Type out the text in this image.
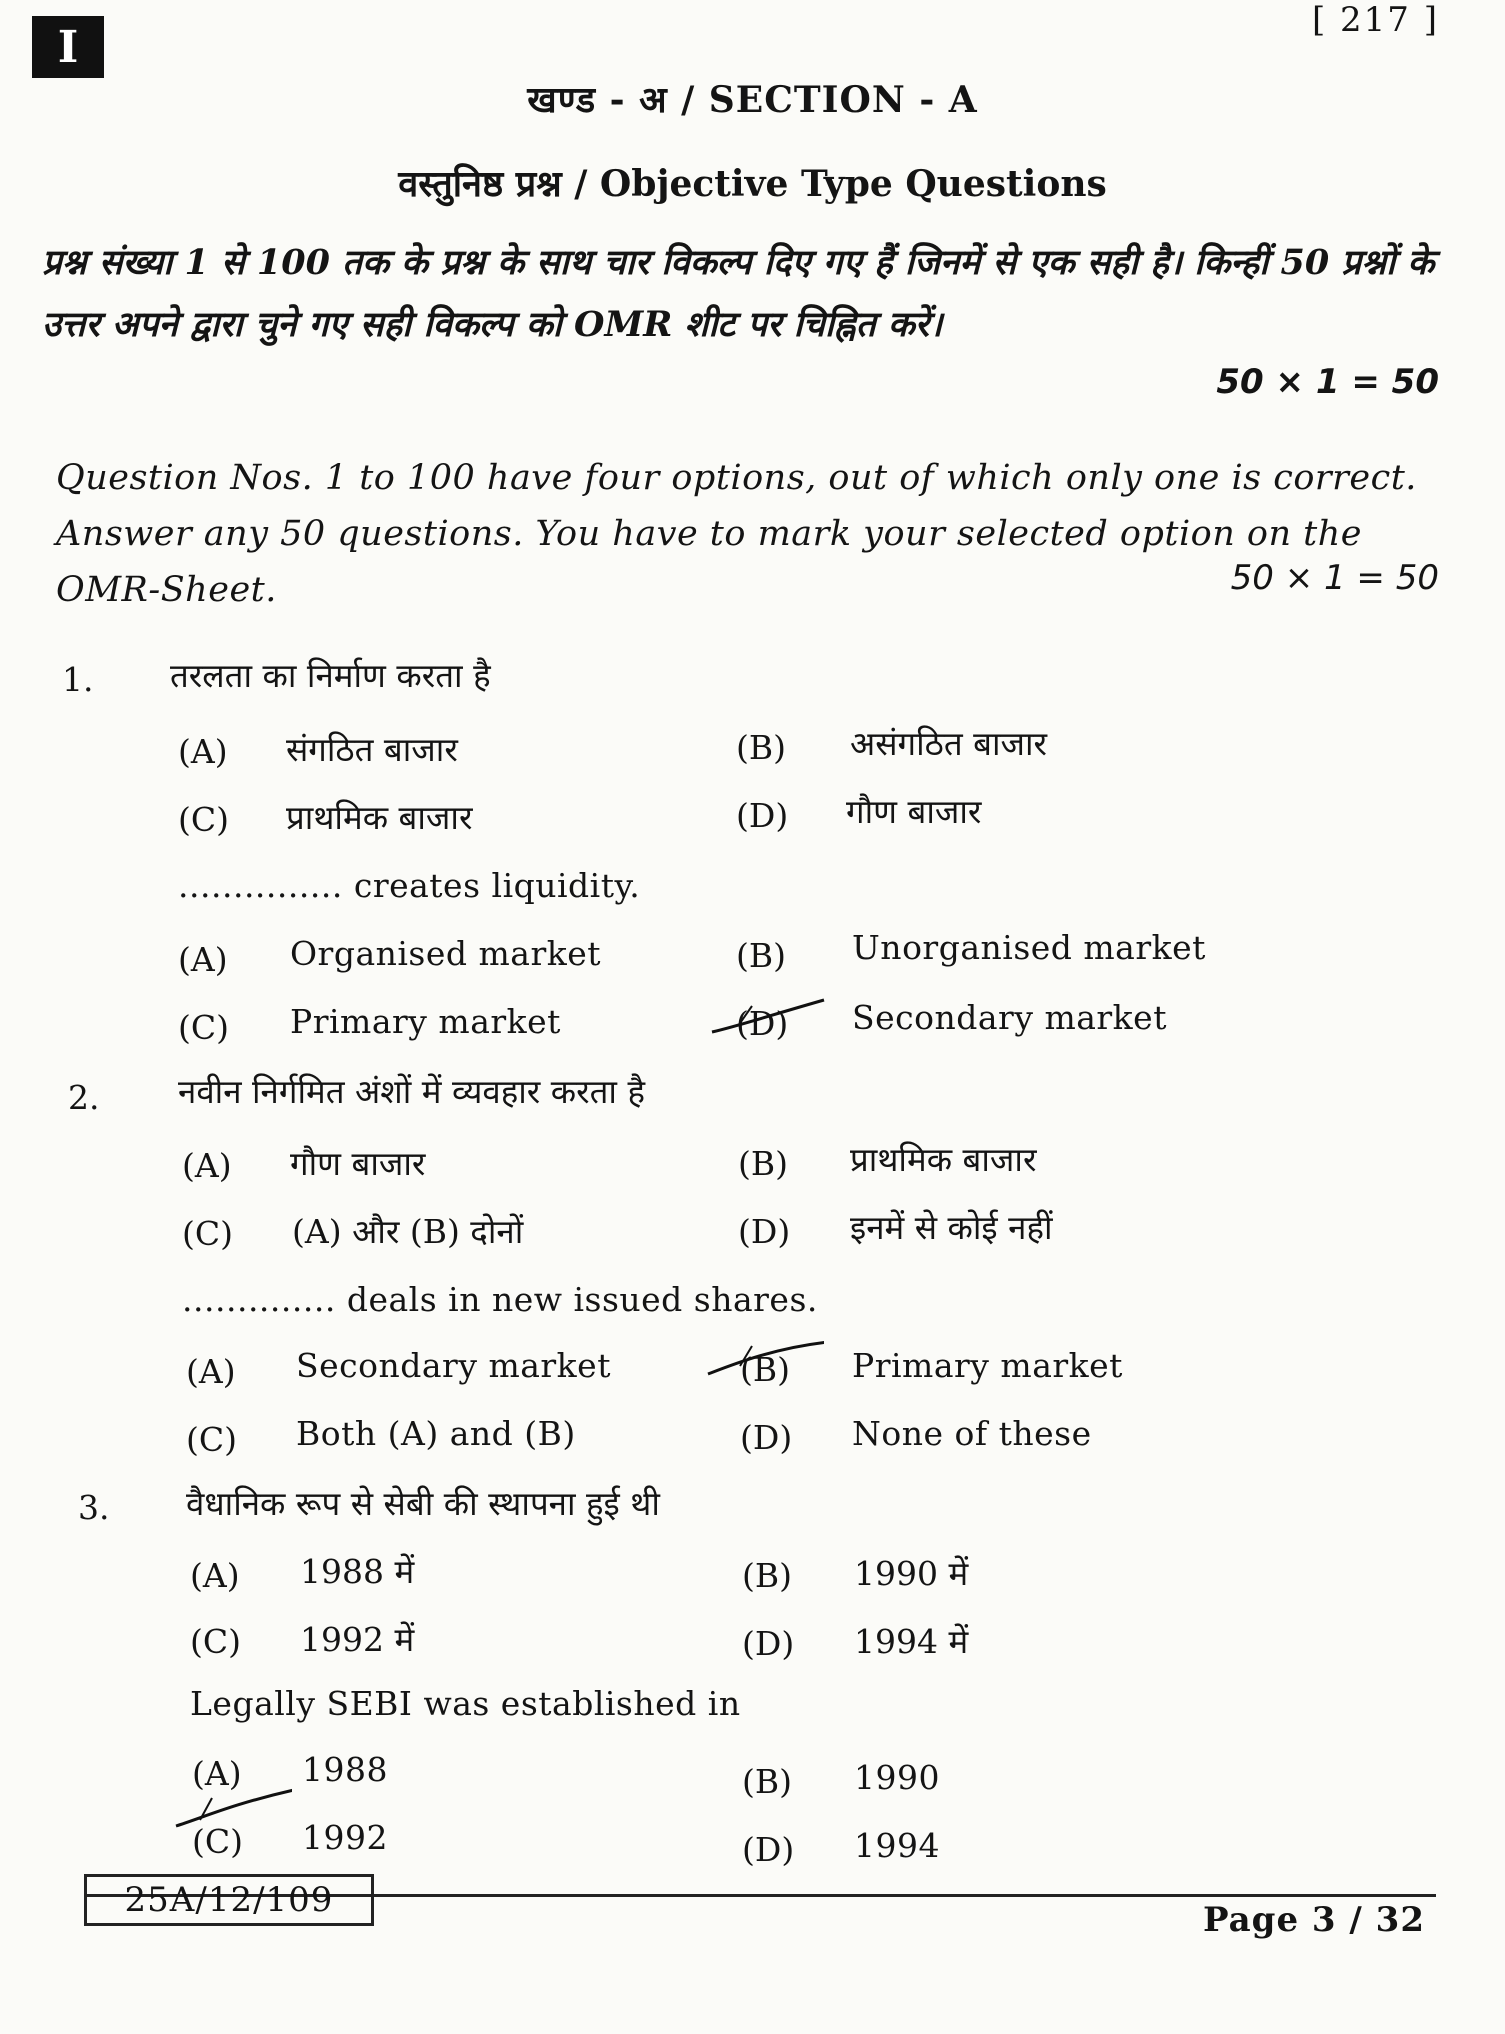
I
[ 217 ]
खण्ड - अ / SECTION - A
वस्तुनिष्ठ प्रश्न / Objective Type Questions
प्रश्न संख्या 1 से 100 तक के प्रश्न के साथ चार विकल्प दिए गए हैं जिनमें से एक सही है। किन्हीं 50 प्रश्नों के उत्तर अपने द्वारा चुने गए सही विकल्प को OMR शीट पर चिह्नित करें।
50 × 1 = 50
Question Nos. 1 to 100 have four options, out of which only one is correct. Answer any 50 questions. You have to mark your selected option on the OMR-Sheet.	50 × 1 = 50
1. तरलता का निर्माण करता है
(A) संगठित बाजार	(B) असंगठित बाजार
(C) प्राथमिक बाजार	(D) गौण बाजार
............... creates liquidity.
(A) Organised market	(B) Unorganised market
(C) Primary market	(D) Secondary market
2. नवीन निर्गमित अंशों में व्यवहार करता है
(A) गौण बाजार	(B) प्राथमिक बाजार
(C) (A) और (B) दोनों	(D) इनमें से कोई नहीं
.............. deals in new issued shares.
(A) Secondary market	(B) Primary market
(C) Both (A) and (B)	(D) None of these
3. वैधानिक रूप से सेबी की स्थापना हुई थी
(A) 1988 में	(B) 1990 में
(C) 1992 में	(D) 1994 में
Legally SEBI was established in
(A) 1988	(B) 1990
(C) 1992	(D) 1994
25A/12/109	Page 3 / 32
